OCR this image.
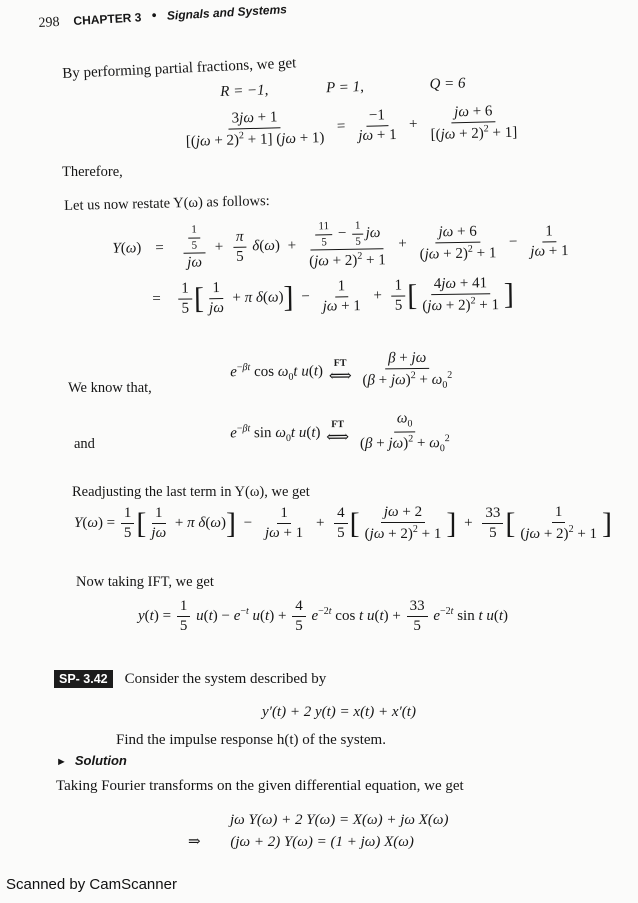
298 CHAPTER 3 • Signals and Systems
By performing partial fractions, we get
R = −1,	P = 1,	Q = 6
Therefore,
$\frac{3j\omega + 1}{[(j\omega + 2)^2 + 1] (j\omega + 1)} = \frac{-1}{j\omega + 1} + \frac{j\omega + 6}{[(j\omega + 2)^2 + 1]}$
Let us now restate Y(ω) as follows:
$Y(\omega) = \frac{\frac{1}{5}}{j\omega} + \frac{\pi}{5} \delta(\omega) + \frac{\frac{11}{5} - \frac{1}{5} j\omega}{(j\omega + 2)^2 + 1} + \frac{j\omega + 6}{(j\omega + 2)^2 + 1} - \frac{1}{j\omega + 1}$
= $\frac{1}{5}$ [ $\frac{1}{j\omega} + \pi$ $\delta(\omega)] - \frac{1}{j\omega + 1} + \frac{1}{5}$ [ $\frac{4j\omega + 41}{(j\omega + 2)^2 + 1}$ ]
We know that,
$e^{-\beta t}$ $\cos \omega_0t$ u(t)
FT
⟺
$\frac{\beta + j\omega}{(\beta + j\omega)^2 + \omega_0^2}$
and
$e^{-\beta t}$ $\sin \omega_0t$ u(t)
FT
⟺
$\frac{\omega_0}{(\beta + j\omega)^2 + \omega_0^2}$
Readjusting the last term in Y(ω), we get
$Y(\omega) = \frac{1}{5}$ [ $\frac{1}{j\omega} + \pi$ $\delta(\omega)] - \frac{1}{j\omega + 1} + \frac{4}{5}$ [ $\frac{j\omega + 2}{(j\omega + 2)^2 + 1}$ ] + $\frac{33}{5}$ [ $\frac{1}{(j\omega + 2)^2 + 1}$ ]
Now taking IFT, we get
$y(t) = \frac{1}{5} u(t) - e^{-t}$ $u(t) + \frac{4}{5} e^{-2t}$ cos t $u(t) + \frac{33}{5} e^{-2t}$ sin t u(t)
SP- 3.42 Consider the system described by
y′(t) + 2 y(t) = x(t) + x′(t)
Find the impulse response h(t) of the system.
► Solution
Taking Fourier transforms on the given differential equation, we get
jω Y(ω) + 2 Y(ω) = X(ω) + jω X(ω)
⇒ (jω + 2) Y(ω) = (1 + jω) X(ω)
Scanned by CamScanner
